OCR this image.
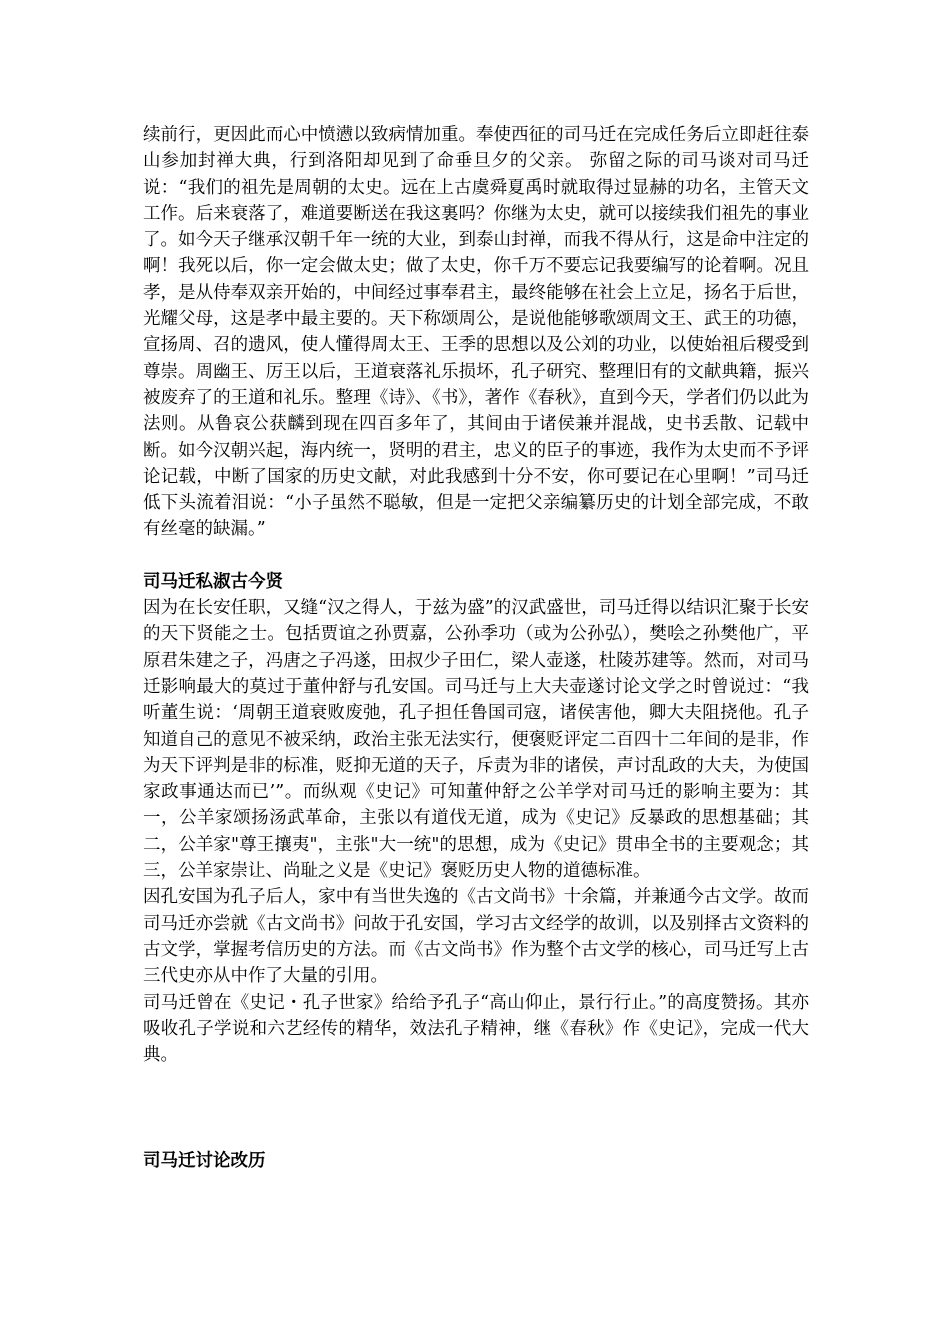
续前行，更因此而心中愤懑以致病情加重。奉使西征的司马迁在完成任务后立即赶往泰山参加封禅大典，行到洛阳却见到了命垂旦夕的父亲。 弥留之际的司马谈对司马迁说：“我们的祖先是周朝的太史。远在上古虞舜夏禹时就取得过显赫的功名，主管天文工作。后来衰落了，难道要断送在我这裏吗？你继为太史，就可以接续我们祖先的事业了。如今天子继承汉朝千年一统的大业，到泰山封禅，而我不得从行，这是命中注定的啊！我死以后，你一定会做太史；做了太史，你千万不要忘记我要编写的论着啊。况且孝，是从侍奉双亲开始的，中间经过事奉君主，最终能够在社会上立足，扬名于后世，光耀父母，这是孝中最主要的。天下称颂周公，是说他能够歌颂周文王、武王的功德，宣扬周、召的遗风，使人懂得周太王、王季的思想以及公刘的功业，以使始祖后稷受到尊崇。周幽王、厉王以后，王道衰落礼乐损坏，孔子研究、整理旧有的文献典籍，振兴被废弃了的王道和礼乐。整理《诗》、《书》，著作《春秋》，直到今天，学者们仍以此为法则。从鲁哀公获麟到现在四百多年了，其间由于诸侯兼并混战，史书丢散、记载中断。如今汉朝兴起，海内统一，贤明的君主，忠义的臣子的事迹，我作为太史而不予评论记载，中断了国家的历史文献，对此我感到十分不安，你可要记在心里啊！”司马迁低下头流着泪说：“小子虽然不聪敏，但是一定把父亲编纂历史的计划全部完成，不敢有丝毫的缺漏。”

司马迁私淑古今贤

因为在长安任职，又缝“汉之得人，于兹为盛”的汉武盛世，司马迁得以结识汇聚于长安的天下贤能之士。包括贾谊之孙贾嘉，公孙季功（或为公孙弘），樊哙之孙樊他广，平原君朱建之子，冯唐之子冯遂，田叔少子田仁，梁人壶遂，杜陵苏建等。然而，对司马迁影响最大的莫过于董仲舒与孔安国。司马迁与上大夫壶遂讨论文学之时曾说过：“我听董生说：‘周朝王道衰败废弛，孔子担任鲁国司寇，诸侯害他，卿大夫阻挠他。孔子知道自己的意见不被采纳，政治主张无法实行，便褒贬评定二百四十二年间的是非，作为天下评判是非的标准，贬抑无道的天子，斥责为非的诸侯，声讨乱政的大夫，为使国家政事通达而已’”。而纵观《史记》可知董仲舒之公羊学对司马迁的影响主要为：其一，公羊家颂扬汤武革命，主张以有道伐无道，成为《史记》反暴政的思想基础；其二，公羊家"尊王攘夷"，主张"大一统"的思想，成为《史记》贯串全书的主要观念；其三，公羊家崇让、尚耻之义是《史记》褒贬历史人物的道德标准。

因孔安国为孔子后人，家中有当世失逸的《古文尚书》十余篇，并兼通今古文学。故而司马迁亦尝就《古文尚书》问故于孔安国，学习古文经学的故训，以及别择古文资料的古文学，掌握考信历史的方法。而《古文尚书》作为整个古文学的核心，司马迁写上古三代史亦从中作了大量的引用。

司马迁曾在《史记・孔子世家》给给予孔子“高山仰止，景行行止。”的高度赞扬。其亦吸收孔子学说和六艺经传的精华，效法孔子精神，继《春秋》作《史记》，完成一代大典。

司马迁讨论改历
